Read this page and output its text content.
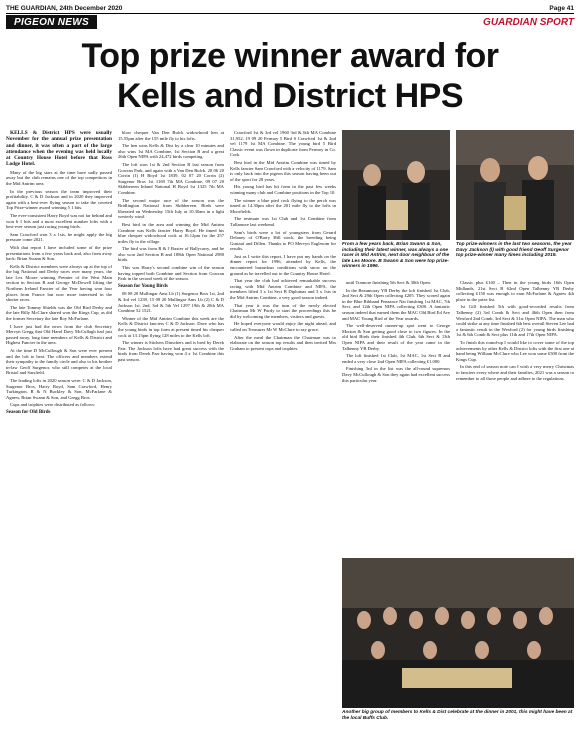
THE GUARDIAN, 24th December 2020	Page 41
PIGEON NEWS	GUARDIAN SPORT
Top prize winner award for
Kells and District HPS

KELLS & District HPS were usually November for the annual prize presentation and dinner, it was often a part of the large attendance when the evening was held locally at Country House Hotel before that Ross Lodge Hotel.

Many of the big stars at the time have sadly passed away but the club remains one of the top competitors in the Mid Antrim area.

In the previous season the team improved their profitability. C & D Jackson and in 2020 they improved again with a best-ever flying season to take the coveted Top Prize-winner award winning 5 1 bits.

The ever-consistent Harry Boyd was not far behind and won 6 1 bits and a most excellent number lofts with a best-ever season just racing young birds.

Sam Crawford won 3 x 1sts, he might apply the big pressure come 2021.

With that report I have included some of the prize presentations from a few years back and, also from away back: Brian Swann & Son.

Kells & District members were always up at the top of the big National and Derby races over many years, the late Lex Moore winning Premier of the West Main section in Section B and George McDowell lifting the Northern Ireland Fancier of the Year having won four places from France but now more interested in the shorter races.

The late Tommy Shields was the Old Bird Derby and the late Billy McClure shared won the Kings Cup, as did the former Secretary the late Roy McFarlane.

I have just had the news from the club Secretary Mervyn Gregg that Old Hand Davy McCullagh had just passed away, long time members of Kells & District and Highest Fancier in the area.

At the time D McCullough & Son were ever present and the loft to beat. The officers and members extend their sympathy to the family circle and also to his brother in-law Geoff Surgenor, who still competes at the local Bristol and Sarsfield.

The leading lofts in 2020 season were: C & D Jackson, Surgenor Bros, Harry Boyd, Sam Crawford, Henry Turkington, R & N Buckley & Son, McFarlane & Agnew, Brian Swann & Son, and Gregg Bros.

Cups and trophies were distributed as follows:

Season for Old Birds

blow chequer Van Den Bulck widowhood hen at 15.55pm after the 155 mile fly to his lofts.

The hen wins Kells & Dist by a clear 10 minutes and also wins 1st MA Combine, 1st Section B and a great 26th Open NIPA with 24,472 birds competing.

The loft won 1st & 2nd Section B last season from Gowran Park, and again with a Van Den Bulck. 20 06 20 Corrin (1) H Boyd 1st 1839, 02 07 20 Corrin (2) Surgenor Bros 1st 1169 7th MA Combine, 09 07 20 Skibbereen Inland National H Boyd 1st 1325 7th MA Combine.

The second major race of the season was the Bridlington National from Skibbereen. Birds were liberated on Wednesday 15th July at 10.30am in a light westerly wind.

Best bird in the area and winning the Mid Antrim Combine was Kells fancier Harry Boyd. He timed his blue chequer widowhood cock at 16.12pm for the 257 miles fly to the village.

The bird was from R & J Baxter of Ballycarry, and he also won 2nd Section B and 188th Open National 2980 birds.

This was Harry's second combine win of the season having topped both Combine and Section from Gowran Park in the second week of the season.

Season for Young Birds

08 08 20 Mullingar Ams Lb (1) Surgenor Bros 1st, 2nd & 3rd vel 1239, 15 08 20 Mullingar Ams Lb (2) C & D Jackson 1st, 2nd, 3rd & 5th Vel 1297 19th & 20th MA Combine 52 1521.

Winner of the Mid Antrim Combine this week are the Kells & District fanciers C & D Jackson. Dave who has the young birds in top form at present timed his chequer cock at 13.13pm flying 128 miles to the Kells loft.

The winner is Stichers Dinschers and is bred by Derek Parr. The Jackson lofts have had great success with the birds from Derek Parr having won 4 x 1st Combine this past season.

Crawford 1st & 3rd vel 1960 3rd & 6th MA Combine 31,952, 19 09 20 Fermoy 5 Bird S Crawford 1st & 2nd vel 1179 1st MA Combine. The young bird 5 Bird Classic event was flown in duplicate from Fermoy in Co. Cork.

Best bird in the Mid Antrim Combine was timed by Kells fancier Sam Crawford with a velocity of 1179. Sam is only back into the pigeon this season having been out of the sport for 28 years.

His young bird has hit form in the past few weeks winning many club and Combine positions in the Top 10.

The winner a blue pied cock flying to the perch was timed at 14.30pm after the 201 mile fly to the lofts in Moorfields.

The restmate was 1st Club and 1st Combine from Tullamore last weekend.

Sam's birds were a lot of youngsters from Gerard Delaney of O'Barry Hill stock, the breeding being Gustaaf and Dillen. Thanks to PO Mervyn Eaglesom for results.

Just as I write this report, I have put my hands on the dinner report for 1996, attended by Kells, the encountered hazardous conditions with snow on the ground as he travelled out to the Country House Hotel.

That year the club had achieved remarkable success racing with Mid Antrim Combine and NIPA, the members lifted 3 x 1st Sect B Diplomas and 3 x 1sts in the Mid Antrim Combine, a very good season indeed.

That year it was the turn of the newly elected Chairman Mr W Purdy to start the proceedings this he did by welcoming the members, visitors and guests.

He hoped everyone would enjoy the night ahead, and called on Treasurer Mr W McClure to say grace.

After the meal the Chairman the Chairman was to elaborate on the season top results and then invited Mrs Graham to present cups and trophies.

From a few years back, Brian Swann & Son, including their latest winner, was always a one racer in Mid Antrim, next door neighbour of the late Les Moore. B Swann & Son were top prize-winners in 1996.
Top prize-winners in the last two seasons, the year Davy Jackson (l) with good friend Geoff Surgenor top prize-winner many times including 2019.

until Tramore finishing 5th Sect & 30th Open.

In the Beaumoray YB Derby the loft finished 1st Club, 2nd Sect & 29th Open collecting £205. They scored again in the Blue Ribband Penzance Nat finishing 1st MAC, 7th Sect, and 12th Open NIPA collecting £300. A fantastic season indeed that earned them the MAC Old Bird Ed Ave and MAC Young Bird of the Year awards.

The well-deserved runner-up spot went to George Morton & Son getting good close to two figures. In the old bird Birds their finished 4th Club, 6th Sect & 13th Open NIPA and their result of the year came in the Talbenny YB Derby.

The loft finished 1st Club, 1st MAC, 1st Sect B and ended a very close 2nd Open NIPA collecting £1,000.

Finishing 3rd in the list was the all-round supremos Davy McCullough & Son they again had excellent success this particular year.

Classic plus £140 – Then in the young birds 16th Open Midlands, 21st Sect B 62nd Open Talbenny YB Derby collecting £150 was enough to earn McFarlane & Agnew 4th place in the prize list.

1st Gill finished 5th with good-recorded results from Talbenny (2) 3rd Comb & Sect and 46th Open then from Wexford 2nd Comb, 3rd Sect & 31st Open NIPA. The man who could strike at any time finished 6th best overall Steven Lee had a fantastic result in the Wexford (2) for young birds finishing 1st & 6th Comb & Sect plus 11th and 17th Open NIPA.

To finish this round-up I would like to cover some of the top achievements by other Kells & District lofts with the first one at hand being William McClure who Lee won some £500 from the Kings Cup.

In this end of season note can I wish a very merry Christmas to fanciers every where and their families, 2021 was a season to remember to all those people and adhere to the regulations.

Another big group of members to Kells & Dist celebrate at the dinner in 2001, this might have been at the local Buffs Club.
